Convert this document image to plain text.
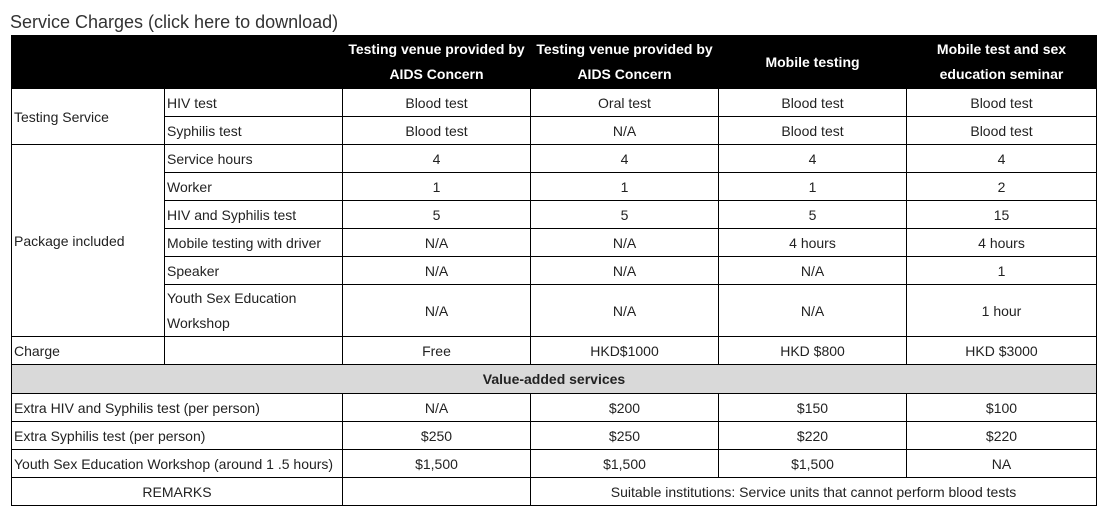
Service Charges (click here to download)
		Testing venue provided by AIDS Concern	Testing venue provided by AIDS Concern	Mobile testing	Mobile test and sex education seminar
Testing Service	HIV test	Blood test	Oral test	Blood test	Blood test
	Syphilis test	Blood test	N/A	Blood test	Blood test
Package included	Service hours	4	4	4	4
	Worker	1	1	1	2
	HIV and Syphilis test	5	5	5	15
	Mobile testing with driver	N/A	N/A	4 hours	4 hours
	Speaker	N/A	N/A	N/A	1
	Youth Sex Education Workshop	N/A	N/A	N/A	1 hour
Charge		Free	HKD$1000	HKD $800	HKD $3000
Value-added services					
Extra HIV and Syphilis test (per person)		N/A	$200	$150	$100
Extra Syphilis test (per person)		$250	$250	$220	$220
Youth Sex Education Workshop (around 1 .5 hours)		$1,500	$1,500	$1,500	NA
REMARKS			Suitable institutions: Service units that cannot perform blood tests		
